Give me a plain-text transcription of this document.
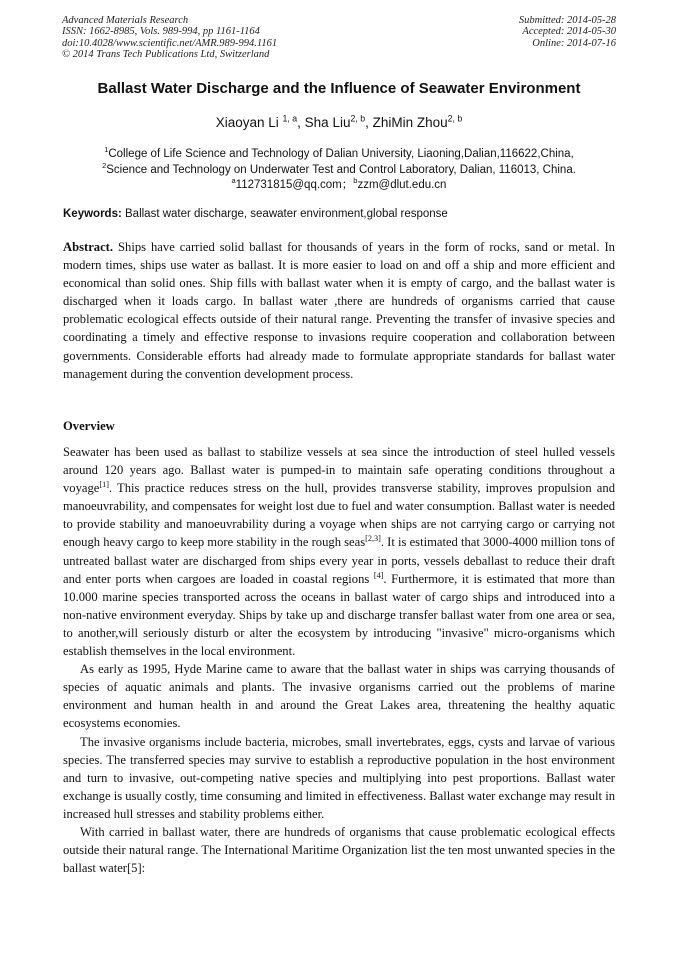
Advanced Materials Research
ISSN: 1662-8985, Vols. 989-994, pp 1161-1164
doi:10.4028/www.scientific.net/AMR.989-994.1161
© 2014 Trans Tech Publications Ltd, Switzerland
Submitted: 2014-05-28
Accepted: 2014-05-30
Online: 2014-07-16
Ballast Water Discharge and the Influence of Seawater Environment
Xiaoyan Li $^{1, a}$, Sha Liu$^{2, b}$, ZhiMin Zhou$^{2, b}$
$^1$College of Life Science and Technology of Dalian University, Liaoning,Dalian,116622,China,
$^2$Science and Technology on Underwater Test and Control Laboratory, Dalian, 116013, China.
$^a$112731815@qq.com；$^b$zzm@dlut.edu.cn
Keywords: Ballast water discharge, seawater environment,global response
Abstract. Ships have carried solid ballast for thousands of years in the form of rocks, sand or metal. In modern times, ships use water as ballast. It is more easier to load on and off a ship and more efficient and economical than solid ones. Ship fills with ballast water when it is empty of cargo, and the ballast water is discharged when it loads cargo. In ballast water ,there are hundreds of organisms carried that cause problematic ecological effects outside of their natural range. Preventing the transfer of invasive species and coordinating a timely and effective response to invasions require cooperation and collaboration between governments. Considerable efforts had already made to formulate appropriate standards for ballast water management during the convention development process.
Overview

Seawater has been used as ballast to stabilize vessels at sea since the introduction of steel hulled vessels around 120 years ago. Ballast water is pumped-in to maintain safe operating conditions throughout a voyage[1]. This practice reduces stress on the hull, provides transverse stability, improves propulsion and manoeuvrability, and compensates for weight lost due to fuel and water consumption. Ballast water is needed to provide stability and manoeuvrability during a voyage when ships are not carrying cargo or carrying not enough heavy cargo to keep more stability in the rough seas[2,3]. It is estimated that 3000-4000 million tons of untreated ballast water are discharged from ships every year in ports, vessels deballast to reduce their draft and enter ports when cargoes are loaded in coastal regions [4]. Furthermore, it is estimated that more than 10.000 marine species transported across the oceans in ballast water of cargo ships and introduced into a non-native environment everyday. Ships by take up and discharge transfer ballast water from one area or sea, to another,will seriously disturb or alter the ecosystem by introducing "invasive" micro-organisms which establish themselves in the local environment.

As early as 1995, Hyde Marine came to aware that the ballast water in ships was carrying thousands of species of aquatic animals and plants. The invasive organisms carried out the problems of marine environment and human health in and around the Great Lakes area, threatening the healthy aquatic ecosystems economies.

The invasive organisms include bacteria, microbes, small invertebrates, eggs, cysts and larvae of various species. The transferred species may survive to establish a reproductive population in the host environment and turn to invasive, out-competing native species and multiplying into pest proportions. Ballast water exchange is usually costly, time consuming and limited in effectiveness. Ballast water exchange may result in increased hull stresses and stability problems either.

With carried in ballast water, there are hundreds of organisms that cause problematic ecological effects outside their natural range. The International Maritime Organization list the ten most unwanted species in the ballast water[5]:
